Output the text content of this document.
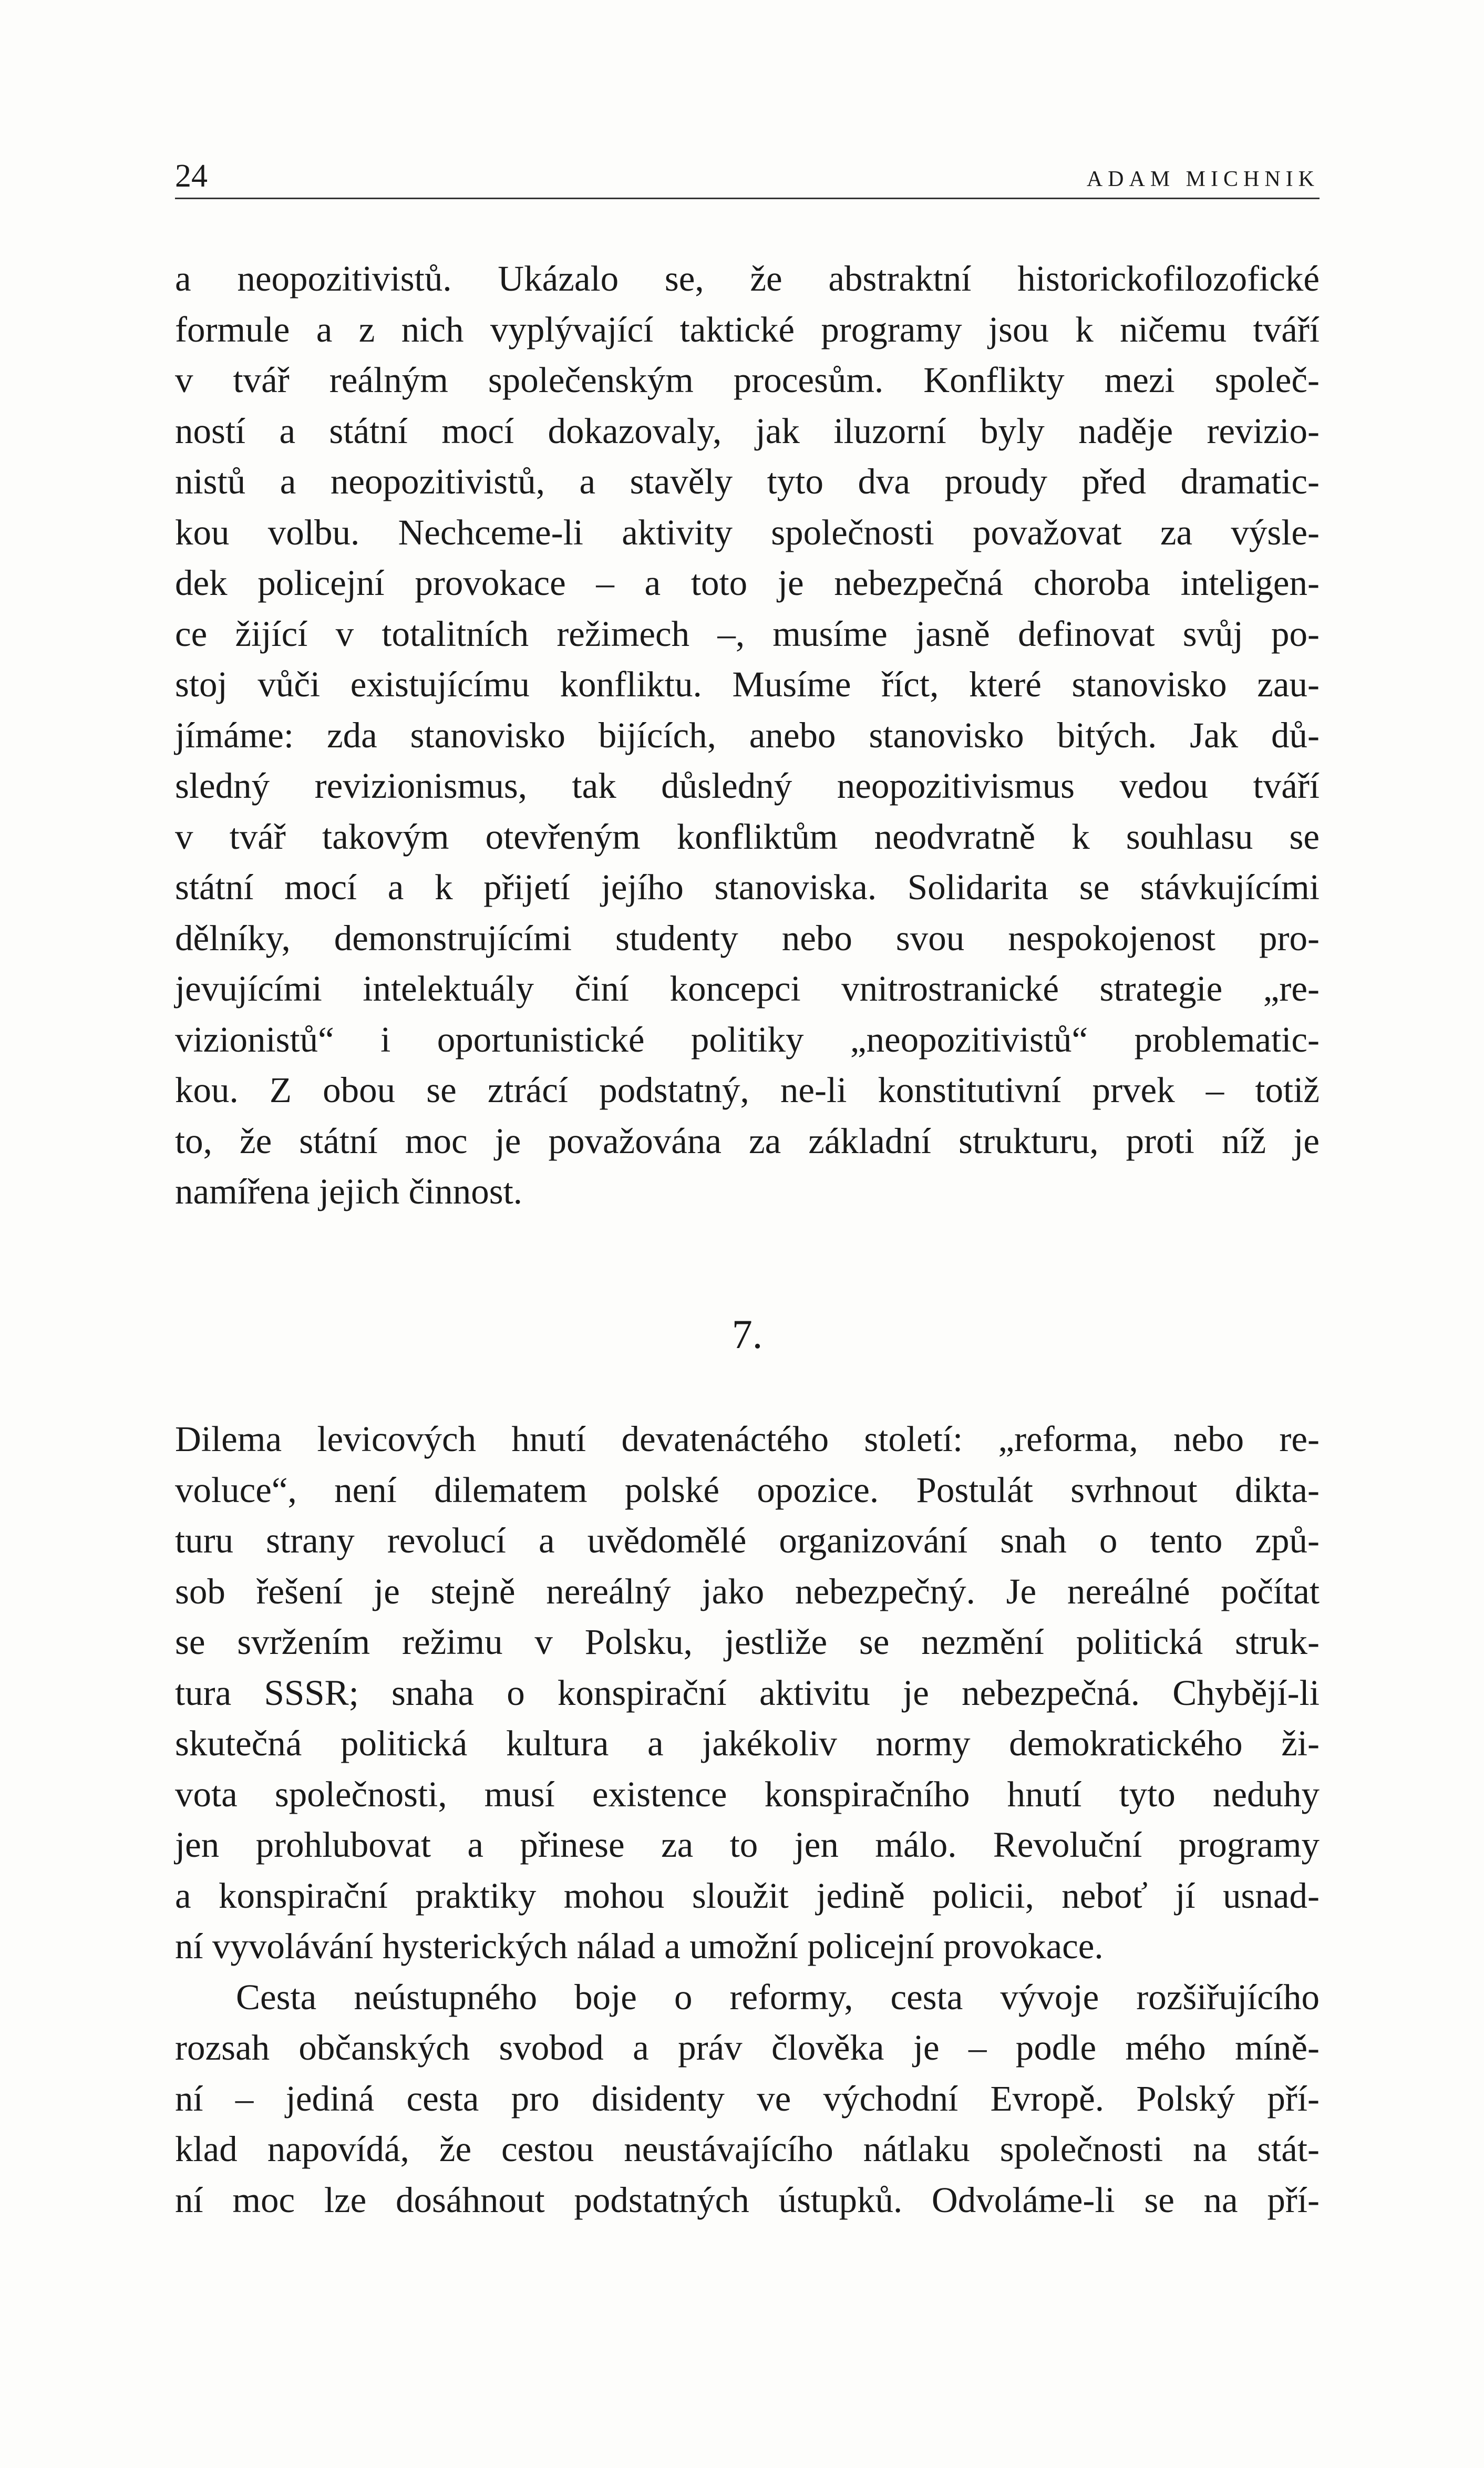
24	ADAM MICHNIK
a neopozitivistů. Ukázalo se, že abstraktní historickofilozofické
formule a z nich vyplývající taktické programy jsou k ničemu tváří
v tvář reálným společenským procesům. Konflikty mezi společ-
ností a státní mocí dokazovaly, jak iluzorní byly naděje revizio-
nistů a neopozitivistů, a stavěly tyto dva proudy před dramatic-
kou volbu. Nechceme-li aktivity společnosti považovat za výsle-
dek policejní provokace – a toto je nebezpečná choroba inteligen-
ce žijící v totalitních režimech –, musíme jasně definovat svůj po-
stoj vůči existujícímu konfliktu. Musíme říct, které stanovisko zau-
jímáme: zda stanovisko bijících, anebo stanovisko bitých. Jak dů-
sledný revizionismus, tak důsledný neopozitivismus vedou tváří
v tvář takovým otevřeným konfliktům neodvratně k souhlasu se
státní mocí a k přijetí jejího stanoviska. Solidarita se stávkujícími
dělníky, demonstrujícími studenty nebo svou nespokojenost pro-
jevujícími intelektuály činí koncepci vnitrostranické strategie „re-
vizionistů“ i oportunistické politiky „neopozitivistů“ problematic-
kou. Z obou se ztrácí podstatný, ne-li konstitutivní prvek – totiž
to, že státní moc je považována za základní strukturu, proti níž je
namířena jejich činnost.
7.
Dilema levicových hnutí devatenáctého století: „reforma, nebo re-
voluce“, není dilematem polské opozice. Postulát svrhnout dikta-
turu strany revolucí a uvědomělé organizování snah o tento způ-
sob řešení je stejně nereálný jako nebezpečný. Je nereálné počítat
se svržením režimu v Polsku, jestliže se nezmění politická struk-
tura SSSR; snaha o konspirační aktivitu je nebezpečná. Chybějí-li
skutečná politická kultura a jakékoliv normy demokratického ži-
vota společnosti, musí existence konspiračního hnutí tyto neduhy
jen prohlubovat a přinese za to jen málo. Revoluční programy
a konspirační praktiky mohou sloužit jedině policii, neboť jí usnad-
ní vyvolávání hysterických nálad a umožní policejní provokace.
Cesta neústupného boje o reformy, cesta vývoje rozšiřujícího
rozsah občanských svobod a práv člověka je – podle mého míně-
ní – jediná cesta pro disidenty ve východní Evropě. Polský pří-
klad napovídá, že cestou neustávajícího nátlaku společnosti na stát-
ní moc lze dosáhnout podstatných ústupků. Odvoláme-li se na pří-
